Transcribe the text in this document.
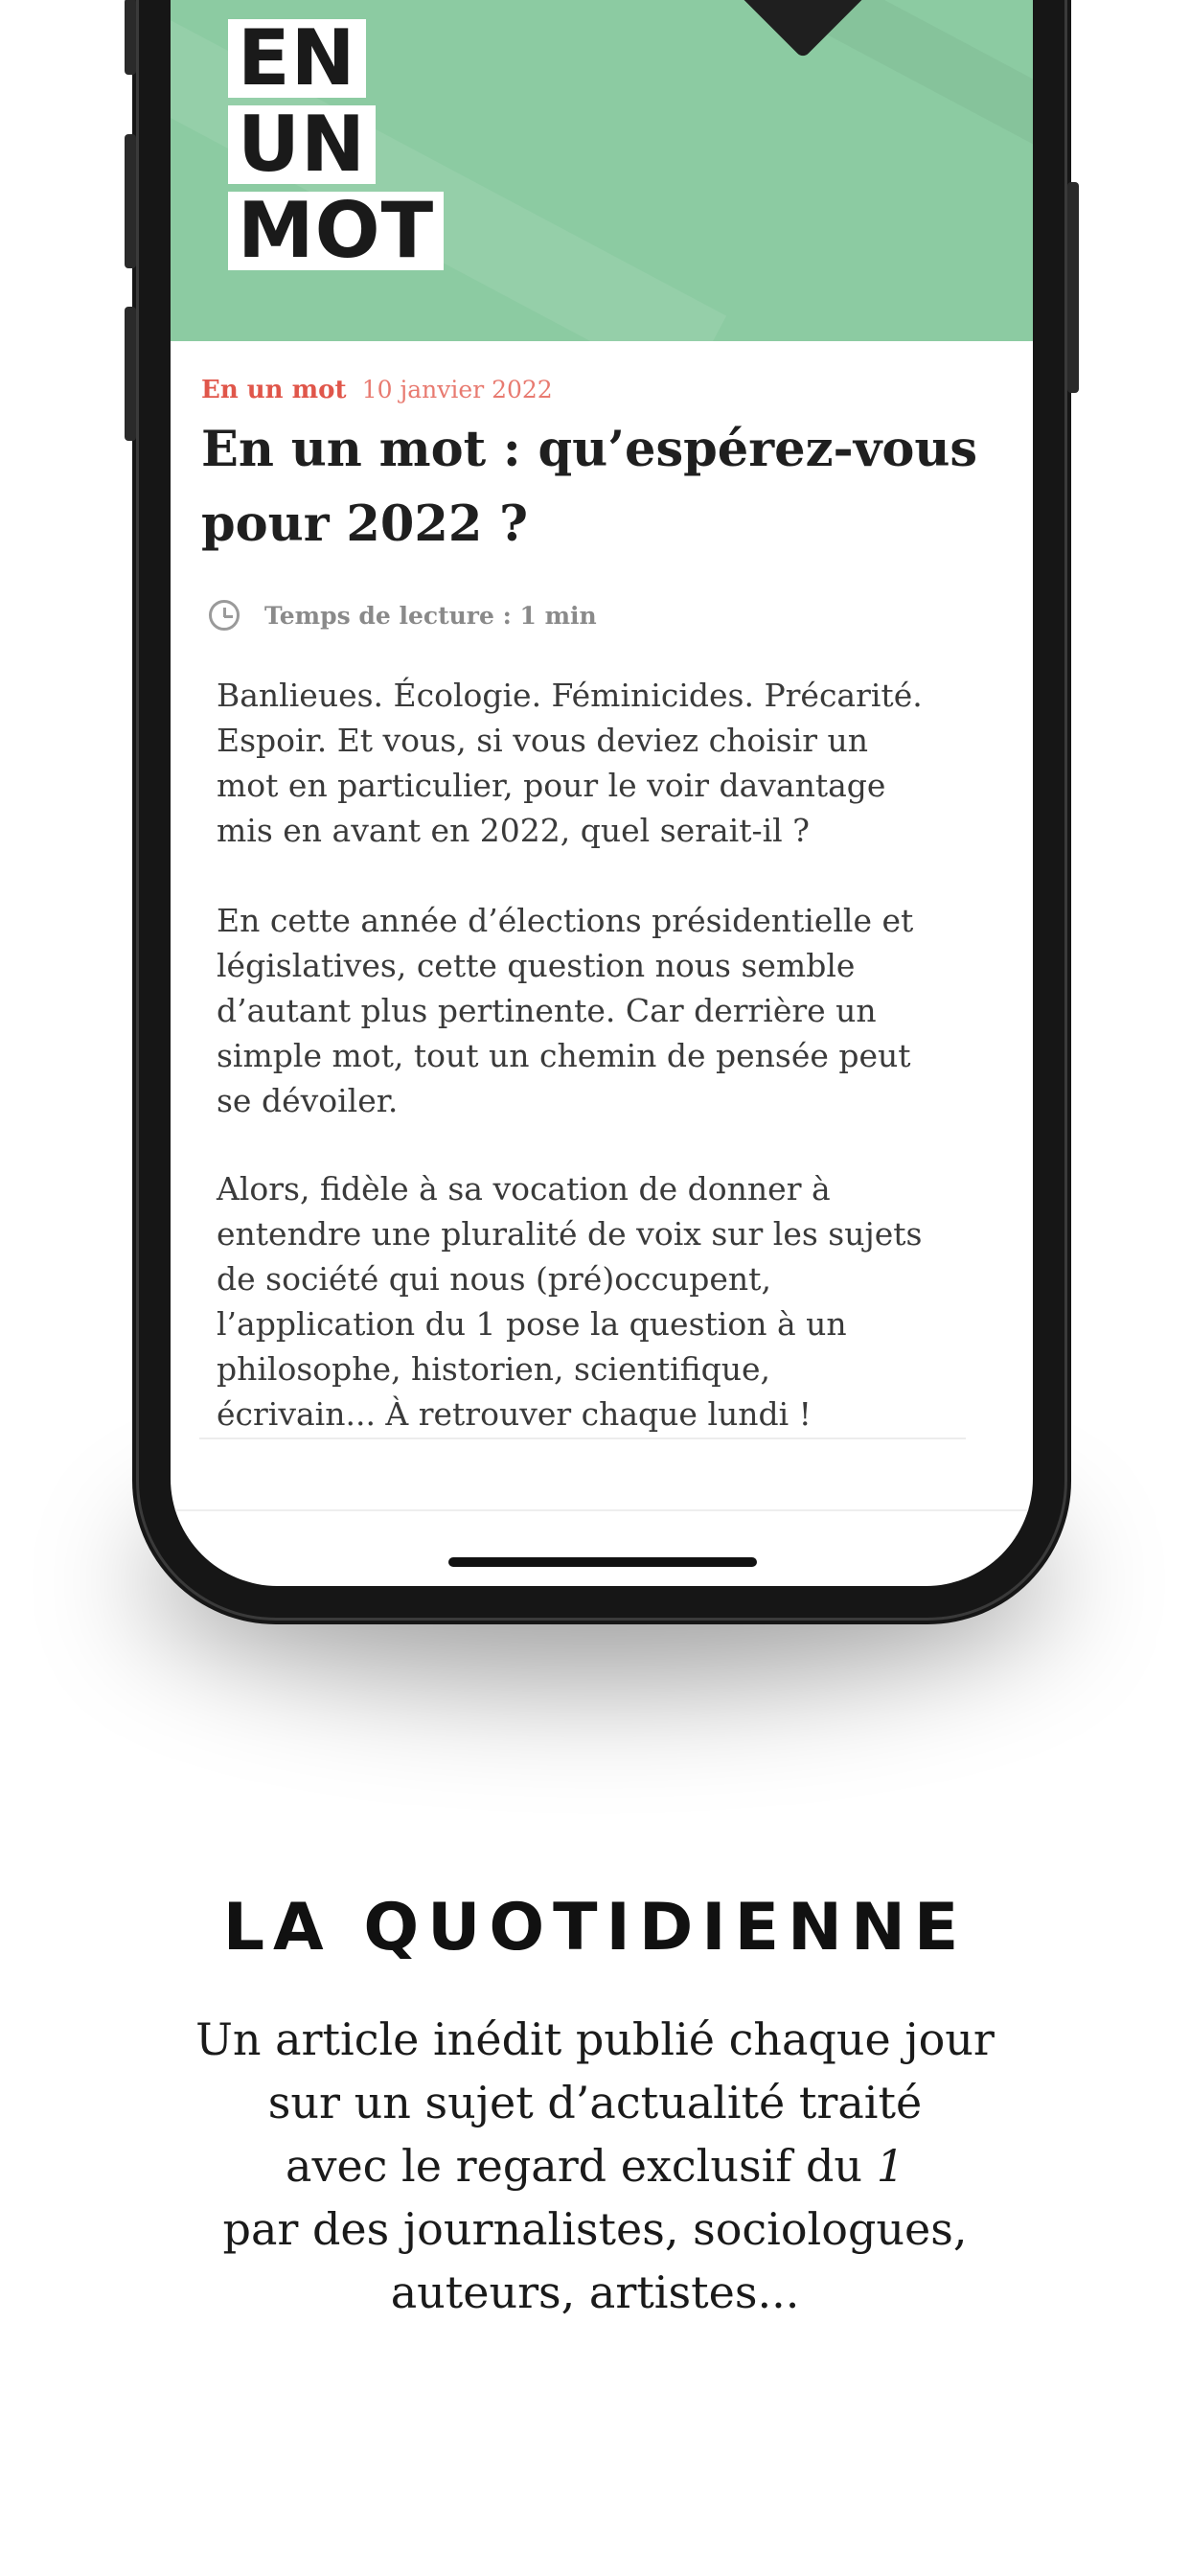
EN
UN
MOT
En un mot 10 janvier 2022
En un mot : qu’espérez-vous
pour 2022 ?
Temps de lecture : 1 min
Banlieues. Écologie. Féminicides. Précarité.
Espoir. Et vous, si vous deviez choisir un
mot en particulier, pour le voir davantage
mis en avant en 2022, quel serait-il ?
En cette année d’élections présidentielle et
législatives, cette question nous semble
d’autant plus pertinente. Car derrière un
simple mot, tout un chemin de pensée peut
se dévoiler.
Alors, fidèle à sa vocation de donner à
entendre une pluralité de voix sur les sujets
de société qui nous (pré)occupent,
l’application du 1 pose la question à un
philosophe, historien, scientifique,
écrivain... À retrouver chaque lundi !
LA QUOTIDIENNE
Un article inédit publié chaque jour
sur un sujet d’actualité traité
avec le regard exclusif du 1
par des journalistes, sociologues,
auteurs, artistes...
